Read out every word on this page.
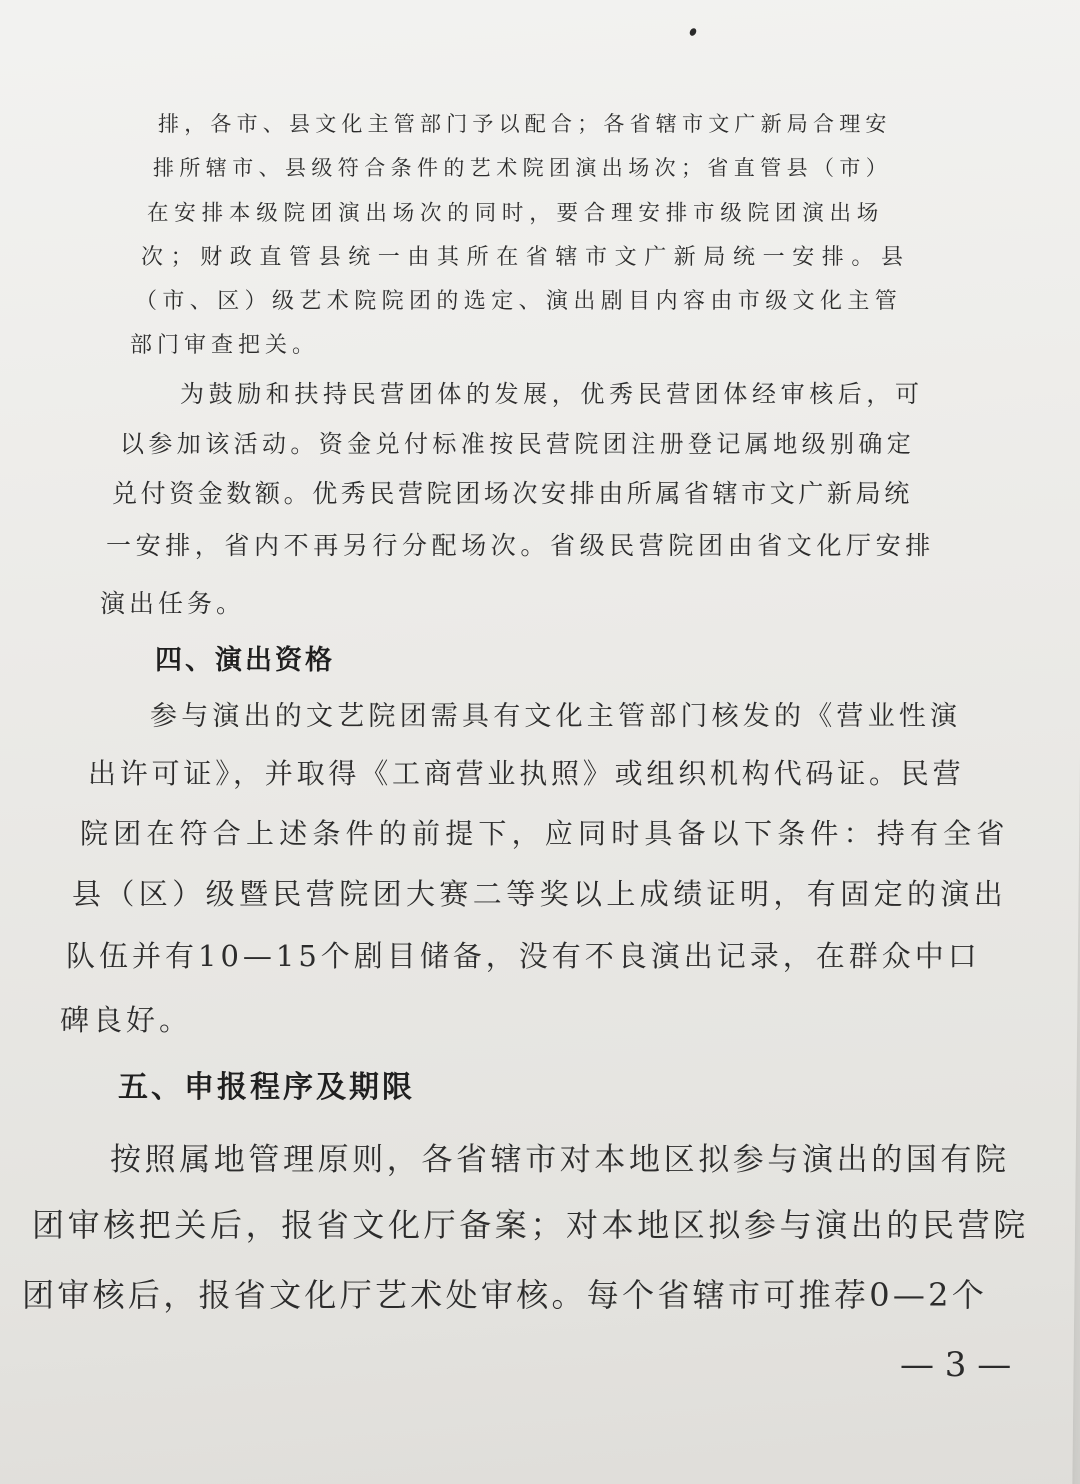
排，各市、县文化主管部门予以配合；各省辖市文广新局合理安
排所辖市、县级符合条件的艺术院团演出场次；省直管县（市）
在安排本级院团演出场次的同时，要合理安排市级院团演出场
次；财政直管县统一由其所在省辖市文广新局统一安排。县
（市、区）级艺术院院团的选定、演出剧目内容由市级文化主管
部门审查把关。
为鼓励和扶持民营团体的发展，优秀民营团体经审核后，可
以参加该活动。资金兑付标准按民营院团注册登记属地级别确定
兑付资金数额。优秀民营院团场次安排由所属省辖市文广新局统
一安排，省内不再另行分配场次。省级民营院团由省文化厅安排
演出任务。
四、演出资格
参与演出的文艺院团需具有文化主管部门核发的《营业性演
出许可证》，并取得《工商营业执照》或组织机构代码证。民营
院团在符合上述条件的前提下，应同时具备以下条件：持有全省
县（区）级暨民营院团大赛二等奖以上成绩证明，有固定的演出
队伍并有10—15个剧目储备，没有不良演出记录，在群众中口
碑良好。
五、申报程序及期限
按照属地管理原则，各省辖市对本地区拟参与演出的国有院
团审核把关后，报省文化厅备案；对本地区拟参与演出的民营院
团审核后，报省文化厅艺术处审核。每个省辖市可推荐0—2个
— 3 —
